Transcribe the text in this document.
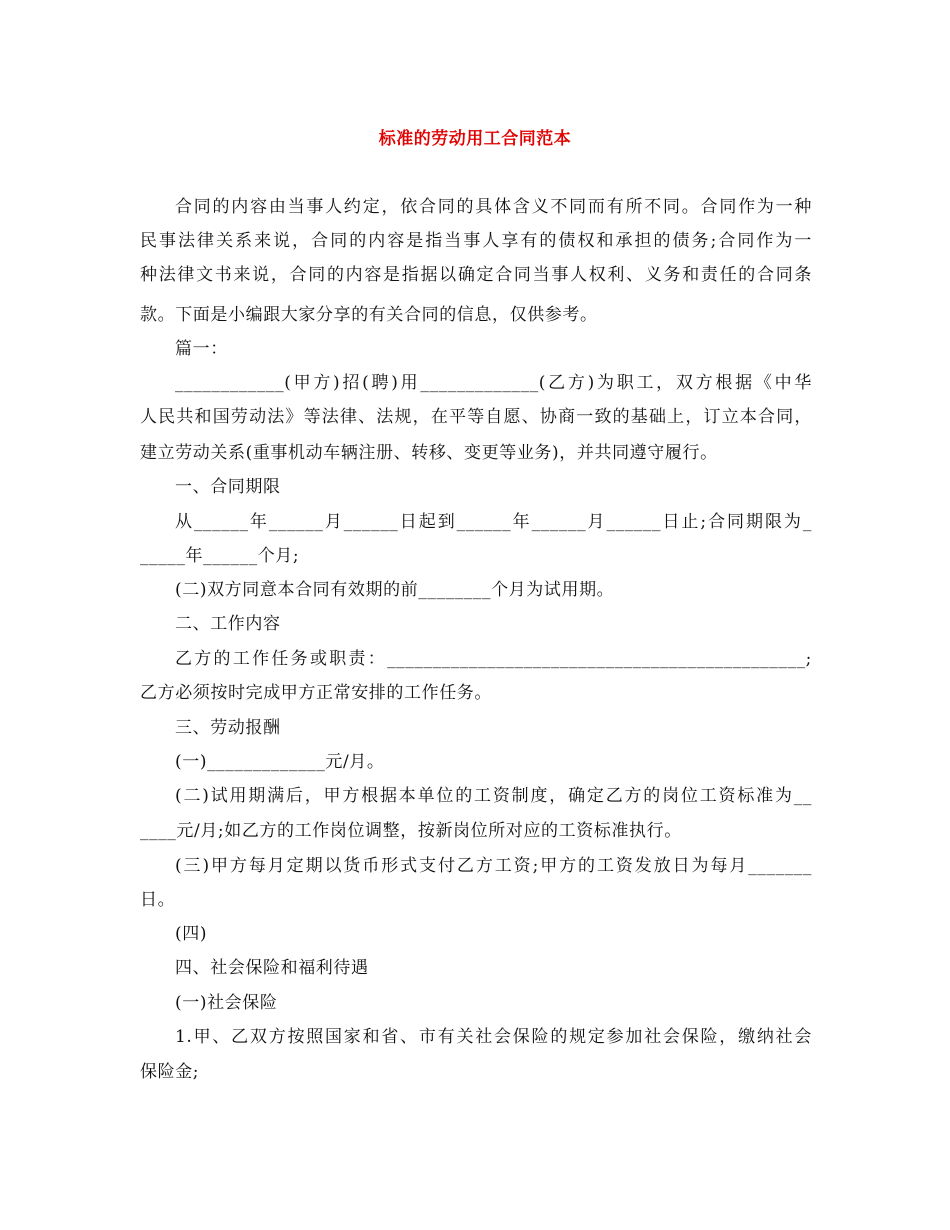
标准的劳动用工合同范本
合同的内容由当事人约定，依合同的具体含义不同而有所不同。合同作为一种
民事法律关系来说，合同的内容是指当事人享有的债权和承担的债务;合同作为一
种法律文书来说，合同的内容是指据以确定合同当事人权利、义务和责任的合同条
款。下面是小编跟大家分享的有关合同的信息，仅供参考。
篇一：
____________(甲方)招(聘)用_____________(乙方)为职工，双方根据《中华
人民共和国劳动法》等法律、法规，在平等自愿、协商一致的基础上，订立本合同，
建立劳动关系(重事机动车辆注册、转移、变更等业务)，并共同遵守履行。
一、合同期限
从______年______月______日起到______年______月______日止;合同期限为_
_____年______个月;
(二)双方同意本合同有效期的前________个月为试用期。
二、工作内容
乙方的工作任务或职责：______________________________________________;
乙方必须按时完成甲方正常安排的工作任务。
三、劳动报酬
(一)_____________元/月。
(二)试用期满后，甲方根据本单位的工资制度，确定乙方的岗位工资标准为__
____元/月;如乙方的工作岗位调整，按新岗位所对应的工资标准执行。
(三)甲方每月定期以货币形式支付乙方工资;甲方的工资发放日为每月_______
日。
(四)
四、社会保险和福利待遇
(一)社会保险
1.甲、乙双方按照国家和省、市有关社会保险的规定参加社会保险，缴纳社会
保险金;
